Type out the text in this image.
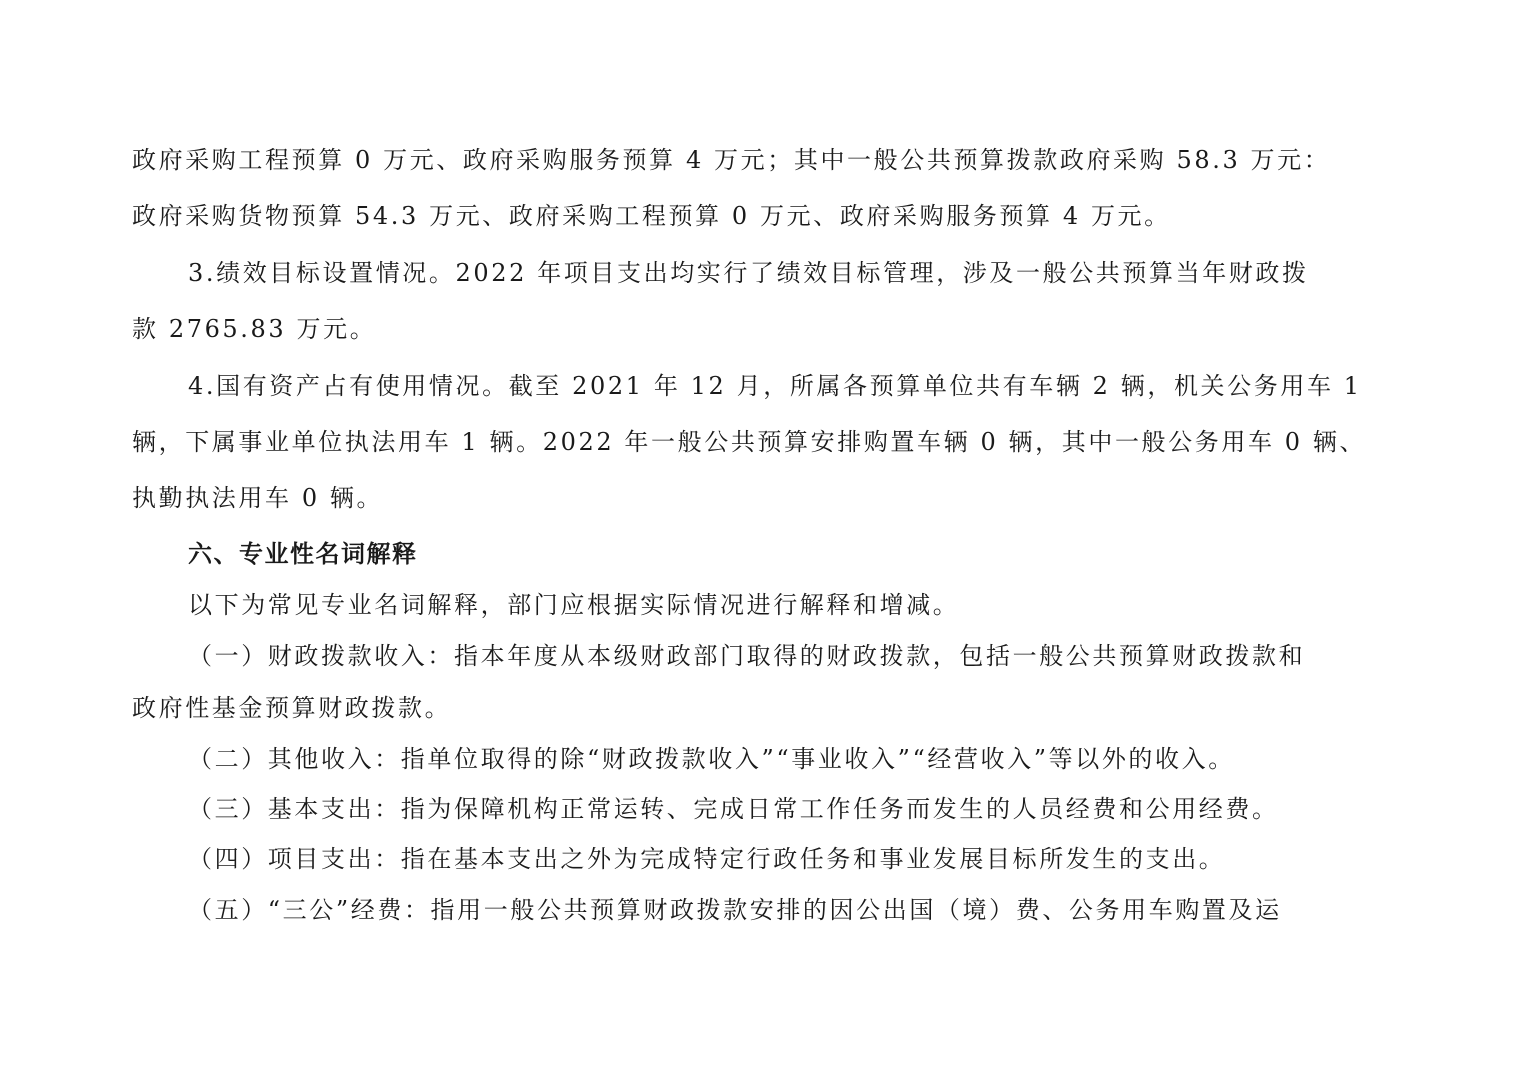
政府采购工程预算 0 万元、政府采购服务预算 4 万元；其中一般公共预算拨款政府采购 58.3 万元：
政府采购货物预算 54.3 万元、政府采购工程预算 0 万元、政府采购服务预算 4 万元。
3.绩效目标设置情况。2022 年项目支出均实行了绩效目标管理，涉及一般公共预算当年财政拨
款 2765.83 万元。
4.国有资产占有使用情况。截至 2021 年 12 月，所属各预算单位共有车辆 2 辆，机关公务用车 1
辆，下属事业单位执法用车 1 辆。2022 年一般公共预算安排购置车辆 0 辆，其中一般公务用车 0 辆、
执勤执法用车 0 辆。
六、专业性名词解释
以下为常见专业名词解释，部门应根据实际情况进行解释和增减。
（一）财政拨款收入：指本年度从本级财政部门取得的财政拨款，包括一般公共预算财政拨款和
政府性基金预算财政拨款。
（二）其他收入：指单位取得的除“财政拨款收入”“事业收入”“经营收入”等以外的收入。
（三）基本支出：指为保障机构正常运转、完成日常工作任务而发生的人员经费和公用经费。
（四）项目支出：指在基本支出之外为完成特定行政任务和事业发展目标所发生的支出。
（五）“三公”经费：指用一般公共预算财政拨款安排的因公出国（境）费、公务用车购置及运
